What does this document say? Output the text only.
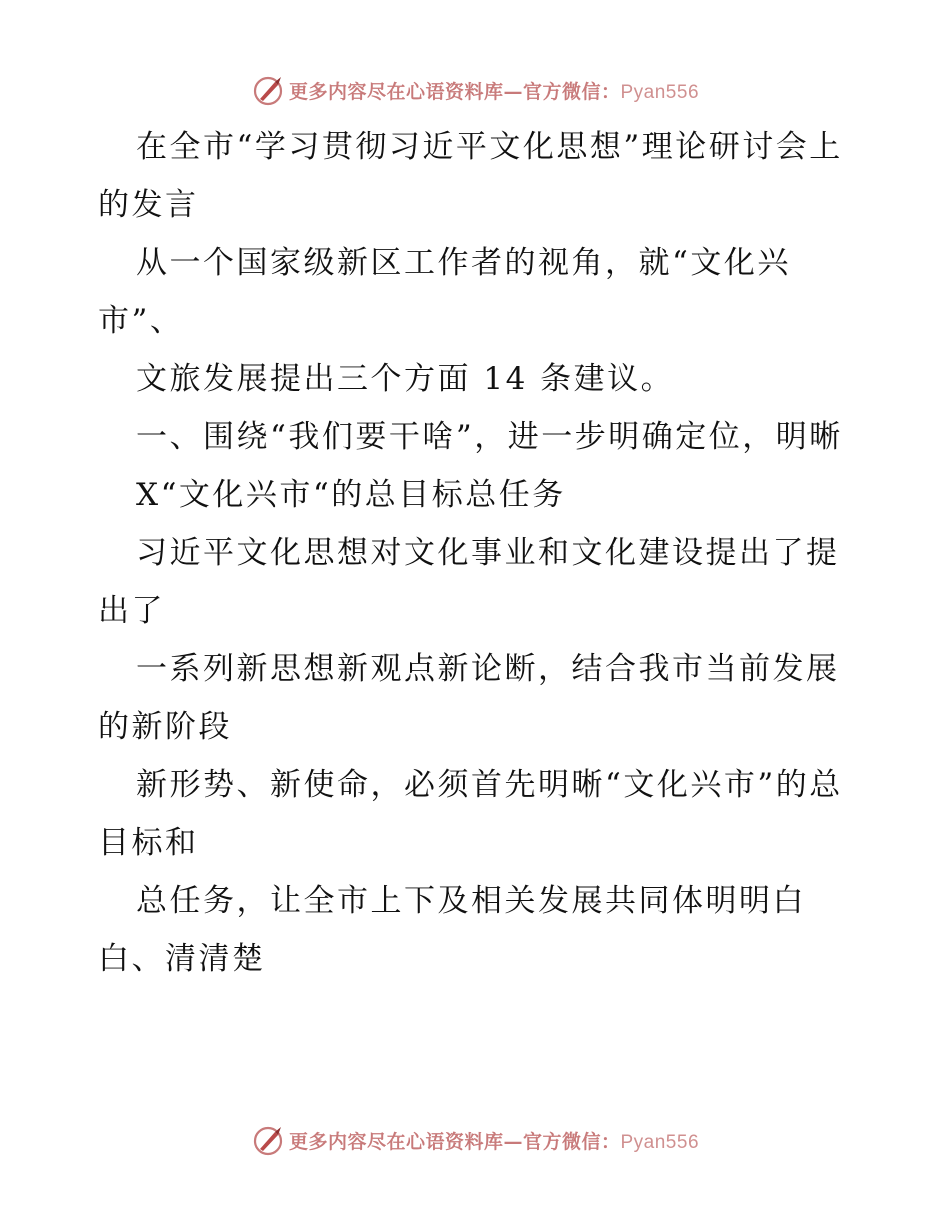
更多内容尽在心语资料库—官方微信：Pyan556

在全市“学习贯彻习近平文化思想”理论研讨会上的发言

从一个国家级新区工作者的视角，就“文化兴市”、

文旅发展提出三个方面 14 条建议。

一、围绕“我们要干啥”，进一步明确定位，明晰

X“文化兴市“的总目标总任务

习近平文化思想对文化事业和文化建设提出了提出了

一系列新思想新观点新论断，结合我市当前发展的新阶段

新形势、新使命，必须首先明晰“文化兴市”的总目标和

总任务，让全市上下及相关发展共同体明明白白、清清楚

更多内容尽在心语资料库—官方微信：Pyan556
